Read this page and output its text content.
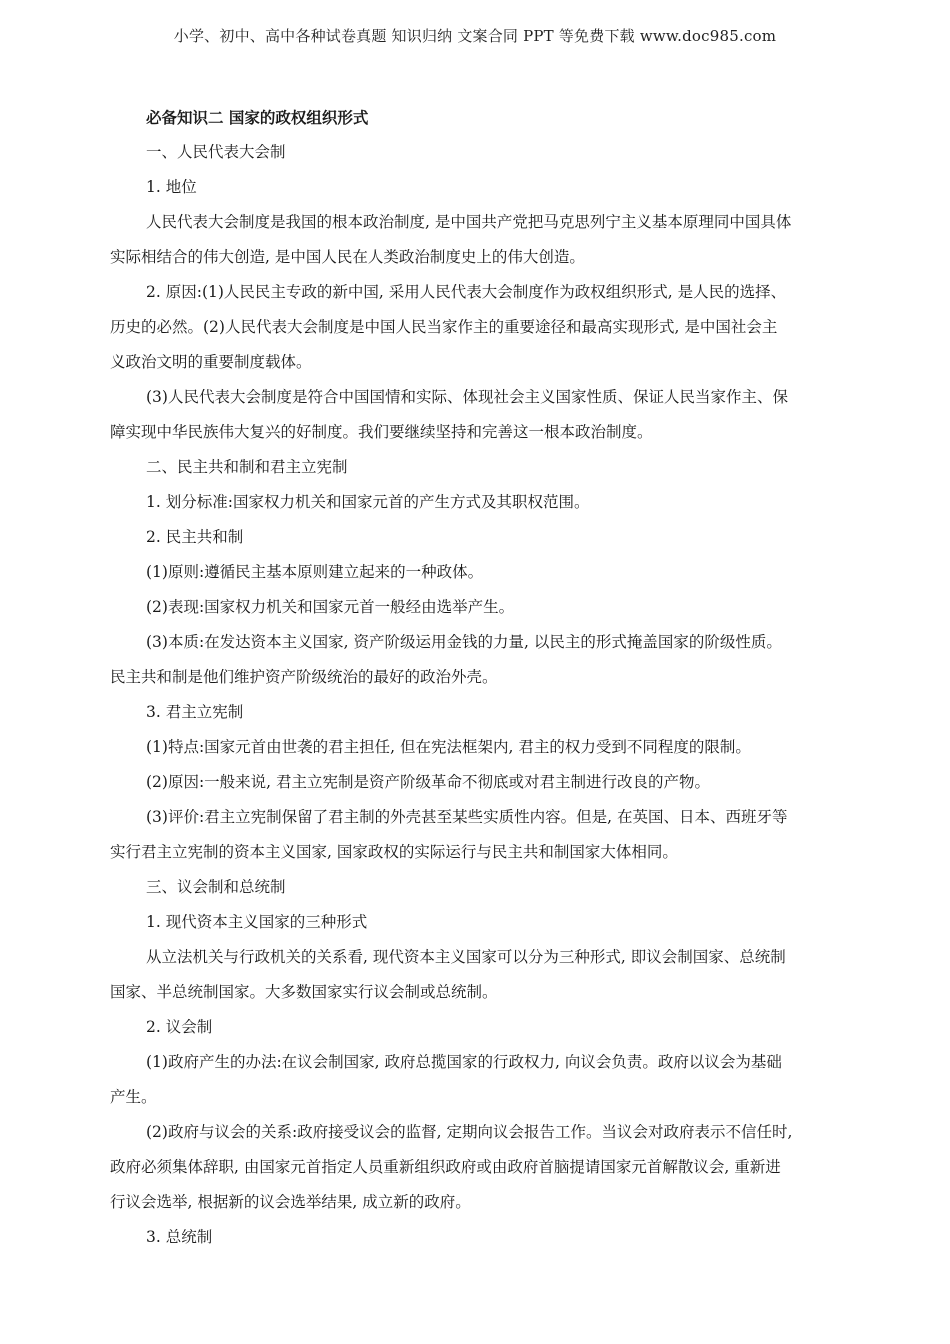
小学、初中、高中各种试卷真题 知识归纳 文案合同 PPT 等免费下载 www.doc985.com

必备知识二 国家的政权组织形式

一、人民代表大会制

1. 地位

人民代表大会制度是我国的根本政治制度, 是中国共产党把马克思列宁主义基本原理同中国具体

实际相结合的伟大创造, 是中国人民在人类政治制度史上的伟大创造。

2. 原因:(1)人民民主专政的新中国, 采用人民代表大会制度作为政权组织形式, 是人民的选择、

历史的必然。(2)人民代表大会制度是中国人民当家作主的重要途径和最高实现形式, 是中国社会主

义政治文明的重要制度载体。

(3)人民代表大会制度是符合中国国情和实际、体现社会主义国家性质、保证人民当家作主、保

障实现中华民族伟大复兴的好制度。我们要继续坚持和完善这一根本政治制度。

二、民主共和制和君主立宪制

1. 划分标准:国家权力机关和国家元首的产生方式及其职权范围。

2. 民主共和制

(1)原则:遵循民主基本原则建立起来的一种政体。

(2)表现:国家权力机关和国家元首一般经由选举产生。

(3)本质:在发达资本主义国家, 资产阶级运用金钱的力量, 以民主的形式掩盖国家的阶级性质。

民主共和制是他们维护资产阶级统治的最好的政治外壳。

3. 君主立宪制

(1)特点:国家元首由世袭的君主担任, 但在宪法框架内, 君主的权力受到不同程度的限制。

(2)原因:一般来说, 君主立宪制是资产阶级革命不彻底或对君主制进行改良的产物。

(3)评价:君主立宪制保留了君主制的外壳甚至某些实质性内容。但是, 在英国、日本、西班牙等

实行君主立宪制的资本主义国家, 国家政权的实际运行与民主共和制国家大体相同。

三、议会制和总统制

1. 现代资本主义国家的三种形式

从立法机关与行政机关的关系看, 现代资本主义国家可以分为三种形式, 即议会制国家、总统制

国家、半总统制国家。大多数国家实行议会制或总统制。

2. 议会制

(1)政府产生的办法:在议会制国家, 政府总揽国家的行政权力, 向议会负责。政府以议会为基础

产生。

(2)政府与议会的关系:政府接受议会的监督, 定期向议会报告工作。当议会对政府表示不信任时,

政府必须集体辞职, 由国家元首指定人员重新组织政府或由政府首脑提请国家元首解散议会, 重新进

行议会选举, 根据新的议会选举结果, 成立新的政府。

3. 总统制
